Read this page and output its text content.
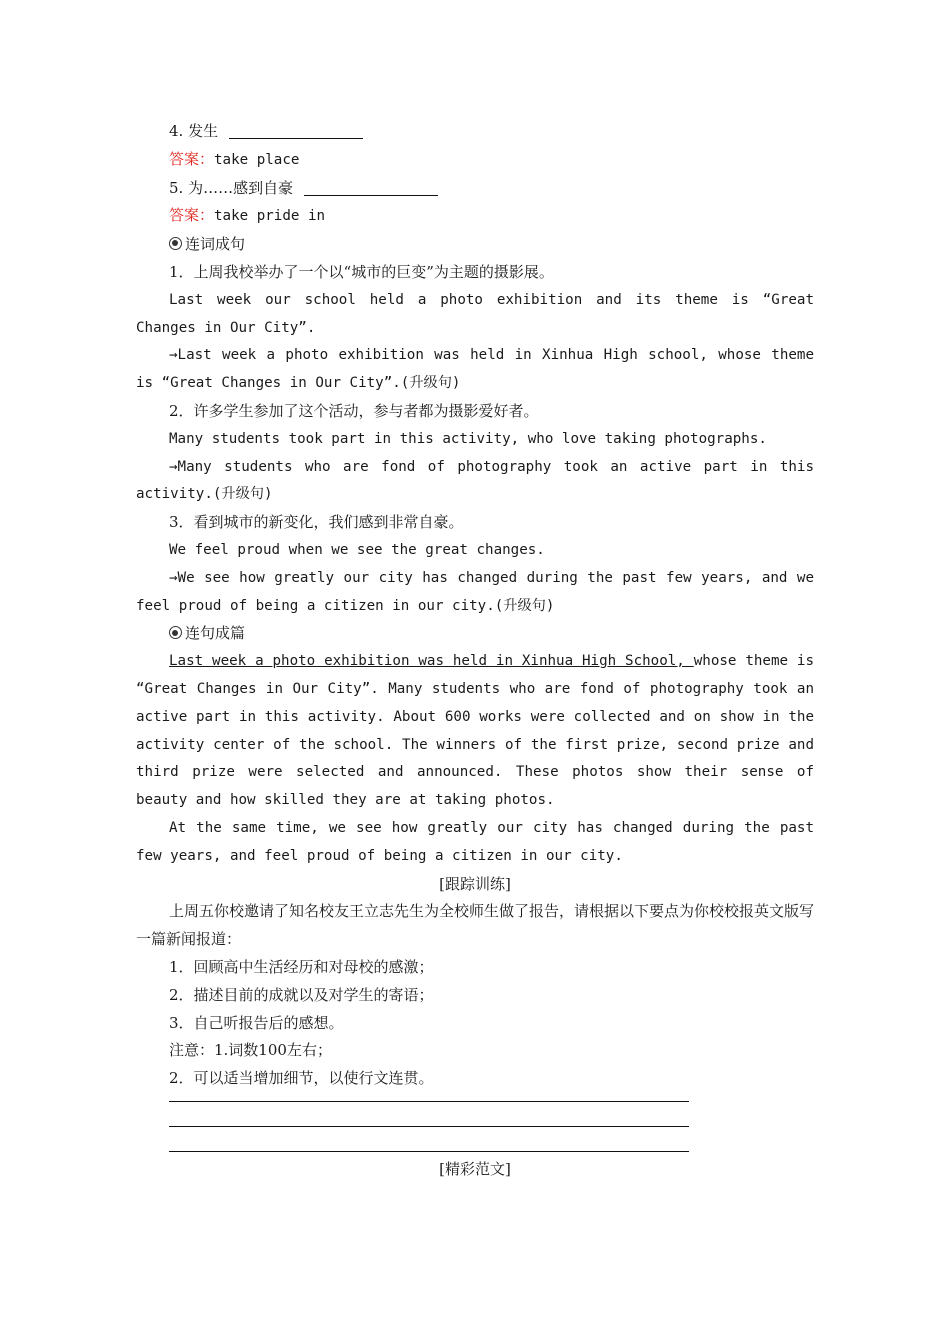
4. 发生
答案：take place
5. 为……感到自豪
答案：take pride in
连词成句
1．上周我校举办了一个以“城市的巨变”为主题的摄影展。
Last week our school held a photo exhibition and its theme is “Great Changes in Our City”.
→Last week a photo exhibition was held in Xinhua High school, whose theme is “Great Changes in Our City”.(升级句)
2．许多学生参加了这个活动，参与者都为摄影爱好者。
Many students took part in this activity, who love taking photographs.
→Many students who are fond of photography took an active part in this activity.(升级句)
3．看到城市的新变化，我们感到非常自豪。
We feel proud when we see the great changes.
→We see how greatly our city has changed during the past few years, and we feel proud of being a citizen in our city.(升级句)
连句成篇
Last week a photo exhibition was held in Xinhua High School, whose theme is “Great Changes in Our City”. Many students who are fond of photography took an active part in this activity. About 600 works were collected and on show in the activity center of the school. The winners of the first prize, second prize and third prize were selected and announced. These photos show their sense of beauty and how skilled they are at taking photos.
At the same time, we see how greatly our city has changed during the past few years, and feel proud of being a citizen in our city.
[跟踪训练]
上周五你校邀请了知名校友王立志先生为全校师生做了报告，请根据以下要点为你校校报英文版写一篇新闻报道：
1．回顾高中生活经历和对母校的感激；
2．描述目前的成就以及对学生的寄语；
3．自己听报告后的感想。
注意：1.词数100左右；
2．可以适当增加细节，以使行文连贯。
[精彩范文]
